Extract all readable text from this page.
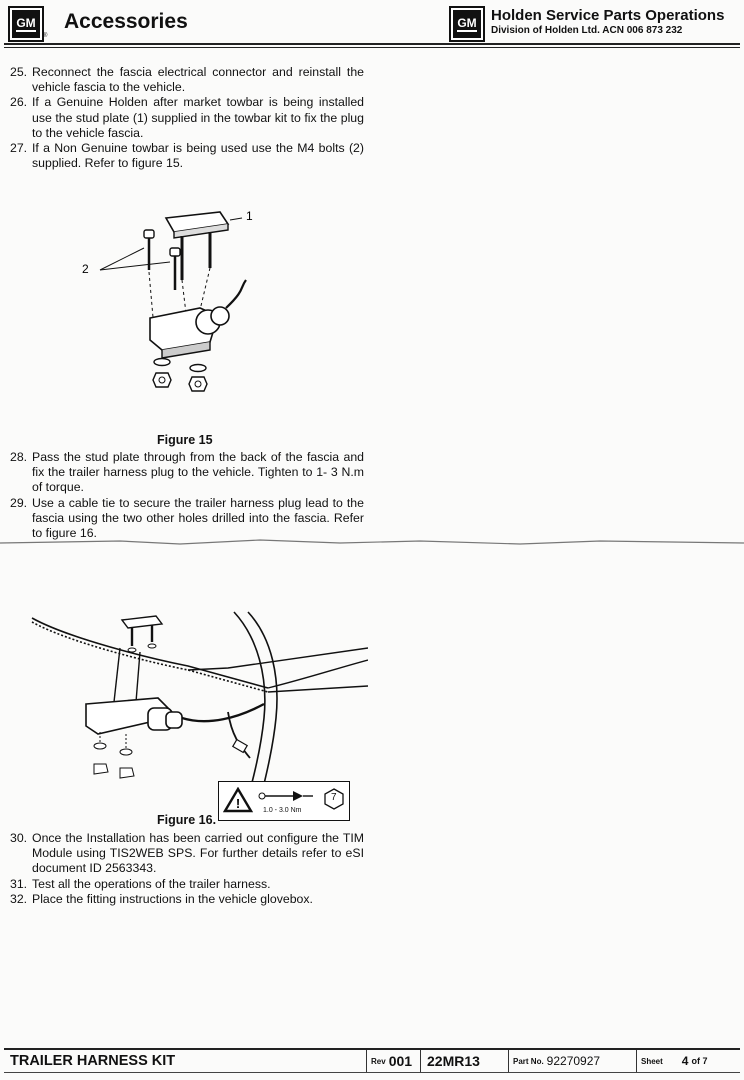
GM
®
Accessories	GM Holden Service Parts Operations
Division of Holden Ltd. ACN 006 873 232
25. Reconnect the fascia electrical connector and reinstall the vehicle fascia to the vehicle.
26. If a Genuine Holden after market towbar is being installed use the stud plate (1) supplied in the towbar kit to fix the plug to the vehicle fascia.
27. If a Non Genuine towbar is being used use the M4 bolts (2) supplied. Refer to figure 15.
1
2
Figure 15
28. Pass the stud plate through from the back of the fascia and fix the trailer harness plug to the vehicle. Tighten to 1- 3 N.m of torque.
29. Use a cable tie to secure the trailer harness plug lead to the fascia using the two other holes drilled into the fascia. Refer to figure 16.
!	1.0 - 3.0 Nm
7
Figure 16.
30. Once the Installation has been carried out configure the TIM Module using TIS2WEB SPS. For further details refer to eSI document ID 2563343.
31. Test all the operations of the trailer harness.
32. Place the fitting instructions in the vehicle glovebox.
TRAILER HARNESS KIT	Rev 001 22MR13	Part No. 92270927	Sheet 4 of 7
